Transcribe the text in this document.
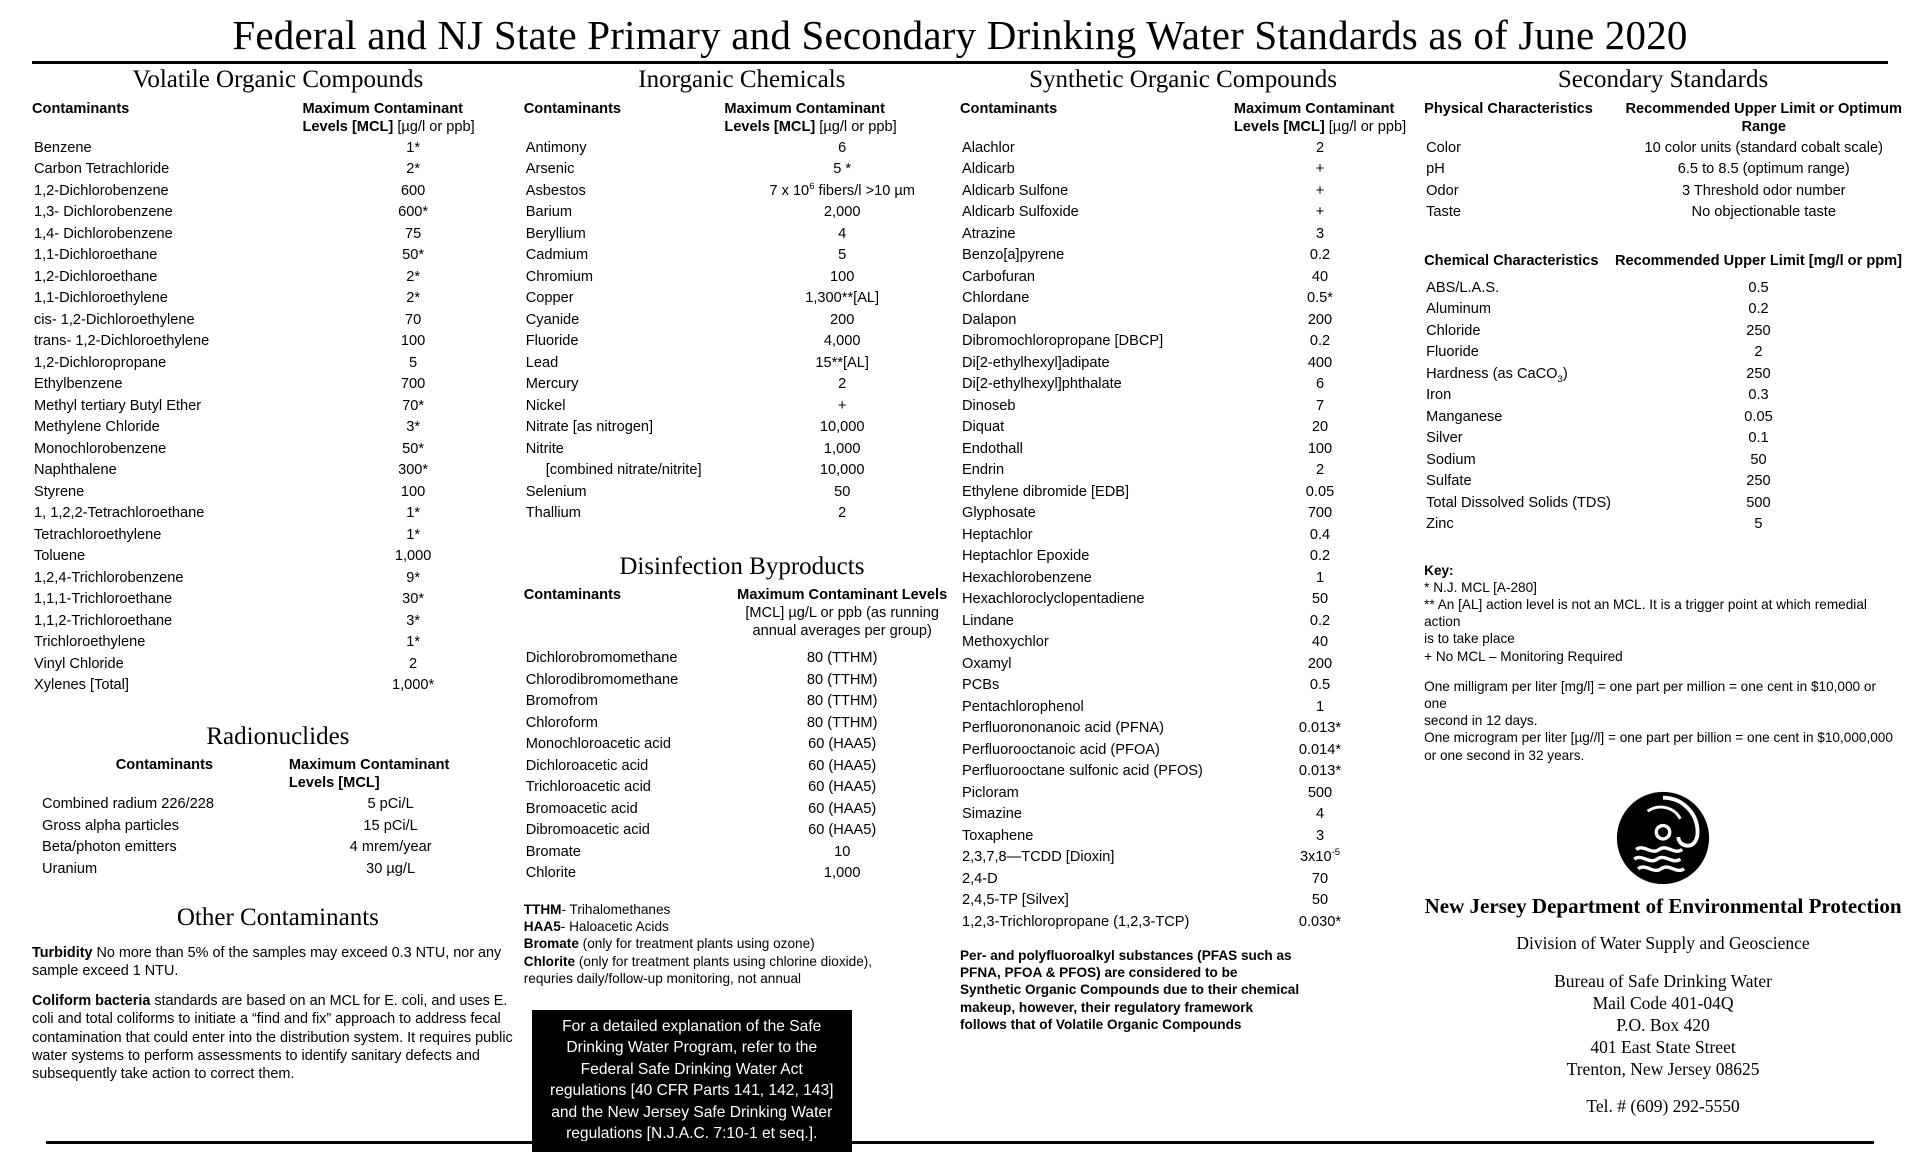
Federal and NJ State Primary and Secondary Drinking Water Standards as of June 2020
Volatile Organic Compounds
Contaminants	Maximum Contaminant
Levels [MCL] [µg/l or ppb]
Benzene	1*
Carbon Tetrachloride	2*
1,2-Dichlorobenzene	600
1,3- Dichlorobenzene	600*
1,4- Dichlorobenzene	75
1,1-Dichloroethane	50*
1,2-Dichloroethane	2*
1,1-Dichloroethylene	2*
cis- 1,2-Dichloroethylene	70
trans- 1,2-Dichloroethylene	100
1,2-Dichloropropane	5
Ethylbenzene	700
Methyl tertiary Butyl Ether	70*
Methylene Chloride	3*
Monochlorobenzene	50*
Naphthalene	300*
Styrene	100
1, 1,2,2-Tetrachloroethane	1*
Tetrachloroethylene	1*
Toluene	1,000
1,2,4-Trichlorobenzene	9*
1,1,1-Trichloroethane	30*
1,1,2-Trichloroethane	3*
Trichloroethylene	1*
Vinyl Chloride	2
Xylenes [Total]	1,000*
Radionuclides
Contaminants	Maximum Contaminant
Levels [MCL]
Combined radium 226/228	5 pCi/L
Gross alpha particles	15 pCi/L
Beta/photon emitters	4 mrem/year
Uranium	30 µg/L
Other Contaminants
Turbidity No more than 5% of the samples may exceed 0.3 NTU, nor any sample exceed 1 NTU.
Coliform bacteria standards are based on an MCL for E. coli, and uses E. coli and total coliforms to initiate a “find and fix” approach to address fecal contamination that could enter into the distribution system. It requires public water systems to perform assessments to identify sanitary defects and subsequently take action to correct them.
Inorganic Chemicals
Contaminants	Maximum Contaminant
Levels [MCL] [µg/l or ppb]
Antimony	6
Arsenic	5 *
Asbestos	7 x $10^6$ fibers/l >10 µm
Barium	2,000
Beryllium	4
Cadmium	5
Chromium	100
Copper	1,300**[AL]
Cyanide	200
Fluoride	4,000
Lead	15**[AL]
Mercury	2
Nickel	+
Nitrate [as nitrogen]	10,000
Nitrite	1,000
[combined nitrate/nitrite]	10,000
Selenium	50
Thallium	2
Disinfection Byproducts
Contaminants	Maximum Contaminant Levels
[MCL] µg/L or ppb (as running
annual averages per group)

Dichlorobromomethane	80 (TTHM)
Chlorodibromomethane	80 (TTHM)
Bromofrom	80 (TTHM)
Chloroform	80 (TTHM)
Monochloroacetic acid	60 (HAA5)
Dichloroacetic acid	60 (HAA5)
Trichloroacetic acid	60 (HAA5)
Bromoacetic acid	60 (HAA5)
Dibromoacetic acid	60 (HAA5)
Bromate	10
Chlorite	1,000
TTHM- Trihalomethanes
HAA5- Haloacetic Acids
Bromate (only for treatment plants using ozone)
Chlorite (only for treatment plants using chlorine dioxide),
requries daily/follow-up monitoring, not annual
For a detailed explanation of the Safe Drinking Water Program, refer to the Federal Safe Drinking Water Act regulations [40 CFR Parts 141, 142, 143] and the New Jersey Safe Drinking Water regulations [N.J.A.C. 7:10-1 et seq.].
Synthetic Organic Compounds
Contaminants	Maximum Contaminant
Levels [MCL] [µg/l or ppb]
Alachlor	2
Aldicarb	+
Aldicarb Sulfone	+
Aldicarb Sulfoxide	+
Atrazine	3
Benzo[a]pyrene	0.2
Carbofuran	40
Chlordane	0.5*
Dalapon	200
Dibromochloropropane [DBCP]	0.2
Di[2-ethylhexyl]adipate	400
Di[2-ethylhexyl]phthalate	6
Dinoseb	7
Diquat	20
Endothall	100
Endrin	2
Ethylene dibromide [EDB]	0.05
Glyphosate	700
Heptachlor	0.4
Heptachlor Epoxide	0.2
Hexachlorobenzene	1
Hexachloroclyclopentadiene	50
Lindane	0.2
Methoxychlor	40
Oxamyl	200
PCBs	0.5
Pentachlorophenol	1
Perfluorononanoic acid (PFNA)	0.013*
Perfluorooctanoic acid (PFOA)	0.014*
Perfluorooctane sulfonic acid (PFOS)	0.013*
Picloram	500
Simazine	4
Toxaphene	3
2,3,7,8—TCDD [Dioxin]	$3x10^{-5}$
2,4-D	70
2,4,5-TP [Silvex]	50
1,2,3-Trichloropropane (1,2,3-TCP)	0.030*
Per- and polyfluoroalkyl substances (PFAS such as PFNA, PFOA & PFOS) are considered to be Synthetic Organic Compounds due to their chemical makeup, however, their regulatory framework follows that of Volatile Organic Compounds
Secondary Standards
Physical Characteristics	Recommended Upper Limit or Optimum
Range
Color	10 color units (standard cobalt scale)
pH	6.5 to 8.5 (optimum range)
Odor	3 Threshold odor number
Taste	No objectionable taste
Chemical Characteristics	Recommended Upper Limit [mg/l or ppm]

ABS/L.A.S.	0.5
Aluminum	0.2
Chloride	250
Fluoride	2
Hardness (as CaCO$_3$)	250
Iron	0.3
Manganese	0.05
Silver	0.1
Sodium	50
Sulfate	250
Total Dissolved Solids (TDS)	500
Zinc	5

Key:

* N.J. MCL [A-280]

** An [AL] action level is not an MCL. It is a trigger point at which remedial action

is to take place

+ No MCL – Monitoring Required

One milligram per liter [mg/l] = one part per million = one cent in $10,000 or one

second in 12 days.

One microgram per liter [µg//l] = one part per billion = one cent in $10,000,000

or one second in 32 years.

New Jersey Department of Environmental Protection
Division of Water Supply and Geoscience
Bureau of Safe Drinking Water
Mail Code 401-04Q
P.O. Box 420
401 East State Street
Trenton, New Jersey 08625
Tel. # (609) 292-5550
